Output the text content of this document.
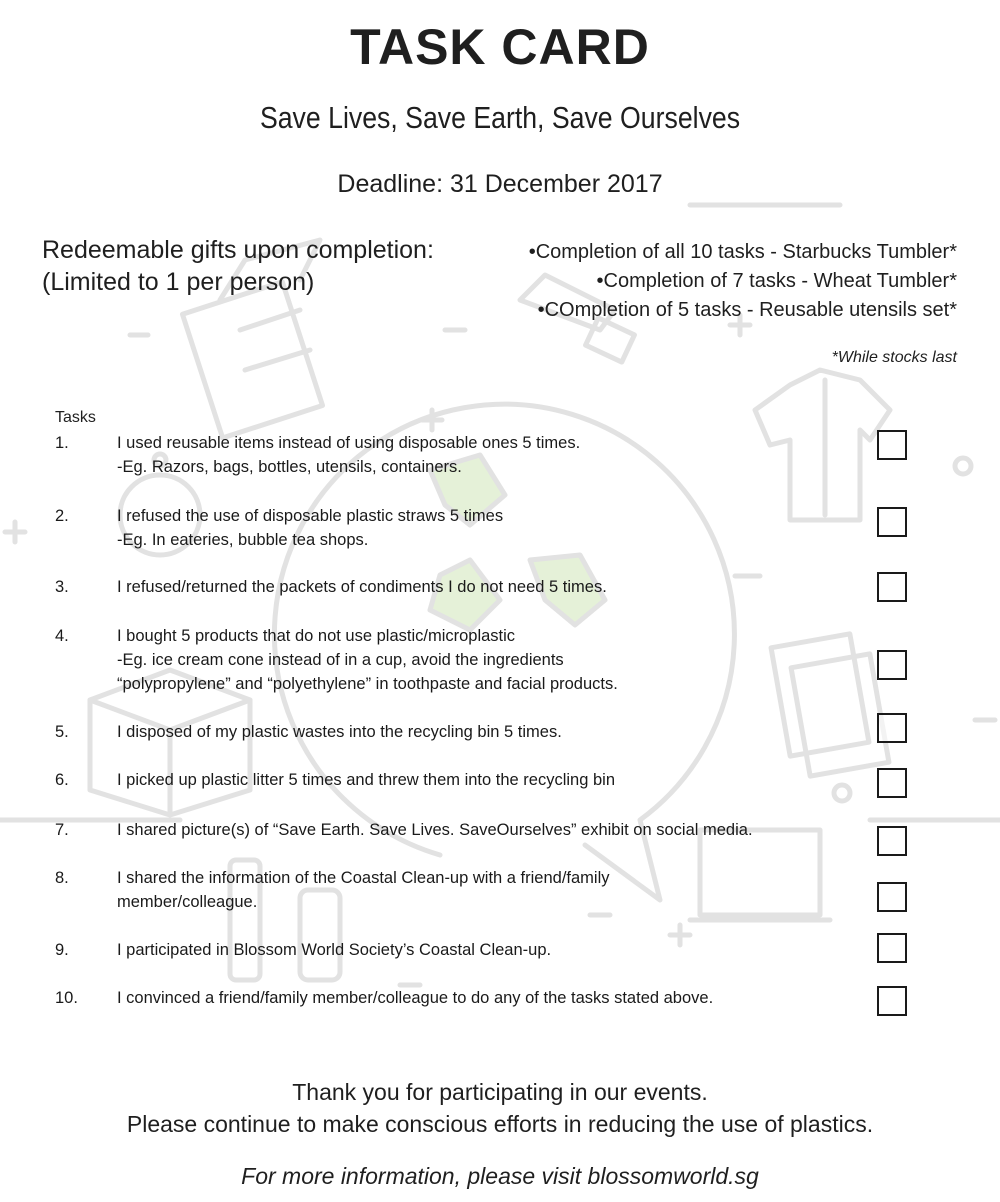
TASK CARD
Save Lives, Save Earth, Save Ourselves
Deadline: 31 December 2017
Redeemable gifts upon completion:
(Limited to 1 per person)
•Completion of all 10 tasks - Starbucks Tumbler*
•Completion of 7 tasks - Wheat Tumbler*
•COmpletion of 5 tasks - Reusable utensils set*
*While stocks last
Tasks
1.	I used reusable items instead of using disposable ones 5 times.
-Eg. Razors, bags, bottles, utensils, containers.
2.	I refused the use of disposable plastic straws 5 times
-Eg. In eateries, bubble tea shops.
3.	I refused/returned the packets of condiments I do not need 5 times.
4.	I bought 5 products that do not use plastic/microplastic
-Eg. ice cream cone instead of in a cup, avoid the ingredients
“polypropylene” and “polyethylene” in toothpaste and facial products.
5.	I disposed of my plastic wastes into the recycling bin 5 times.
6.	I picked up plastic litter 5 times and threw them into the recycling bin
7.	I shared picture(s) of “Save Earth. Save Lives. SaveOurselves” exhibit on social media.
8.	I shared the information of the Coastal Clean-up with a friend/family
member/colleague.
9.	I participated in Blossom World Society’s Coastal Clean-up.
10. I convinced a friend/family member/colleague to do any of the tasks stated above.
Thank you for participating in our events.
Please continue to make conscious efforts in reducing the use of plastics.
For more information, please visit blossomworld.sg
